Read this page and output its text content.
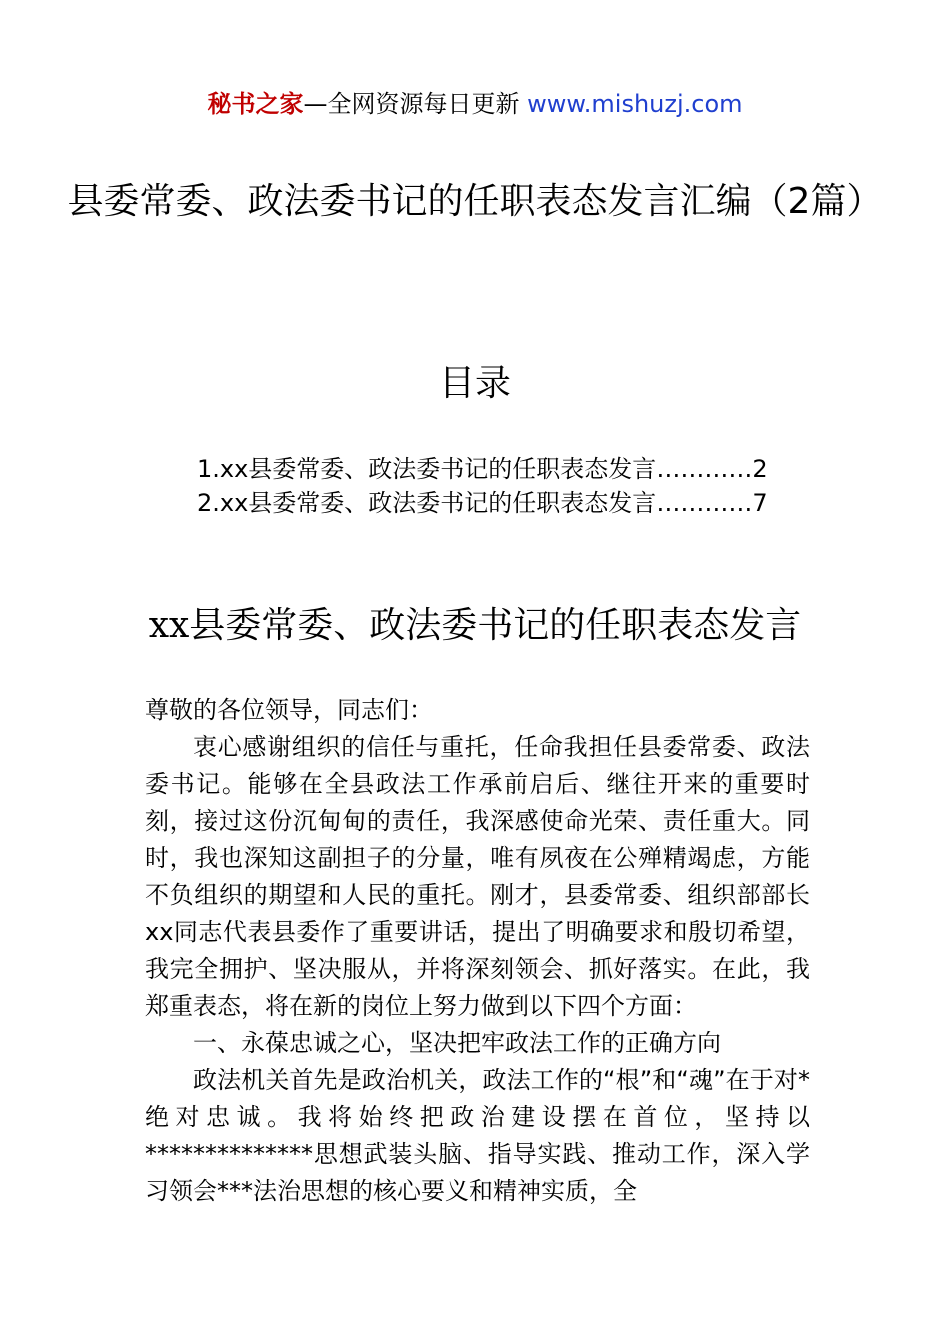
秘书之家—全网资源每日更新 www.mishuzj.com
县委常委、政法委书记的任职表态发言汇编（2篇）
目录
1.xx县委常委、政法委书记的任职表态发言 ………… 2
2.xx县委常委、政法委书记的任职表态发言 ………… 7
xx县委常委、政法委书记的任职表态发言

尊敬的各位领导，同志们：

衷心感谢组织的信任与重托，任命我担任县委常委、政法委书记。能够在全县政法工作承前启后、继往开来的重要时刻，接过这份沉甸甸的责任，我深感使命光荣、责任重大。同时，我也深知这副担子的分量，唯有夙夜在公殚精竭虑，方能不负组织的期望和人民的重托。刚才，县委常委、组织部部长xx同志代表县委作了重要讲话，提出了明确要求和殷切希望，我完全拥护、坚决服从，并将深刻领会、抓好落实。在此，我郑重表态，将在新的岗位上努力做到以下四个方面：

一、永葆忠诚之心，坚决把牢政法工作的正确方向

政法机关首先是政治机关，政法工作的“根”和“魂”在于对*绝对忠诚。我将始终把政治建设摆在首位，坚持以**************思想武装头脑、指导实践、推动工作，深入学习领会***法治思想的核心要义和精神实质，全
